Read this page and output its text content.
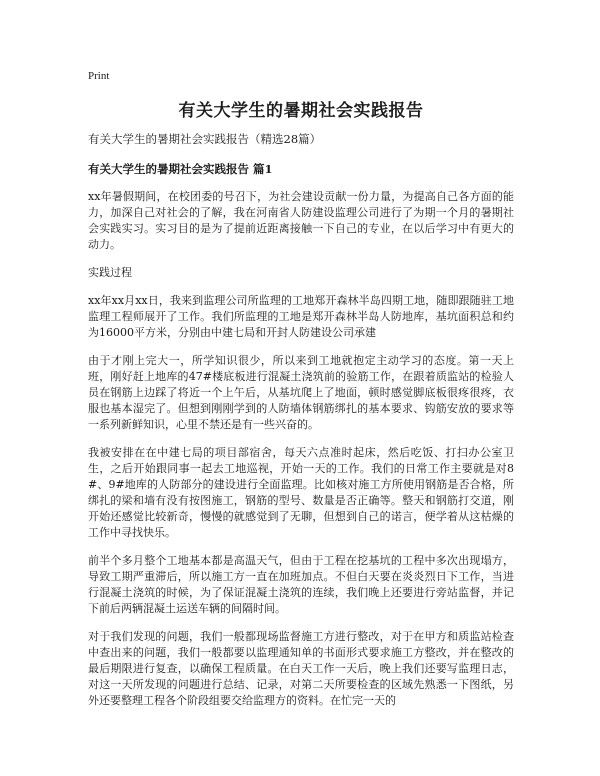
Print
有关大学生的暑期社会实践报告

有关大学生的暑期社会实践报告（精选28篇）

有关大学生的暑期社会实践报告 篇1

xx年暑假期间，在校团委的号召下，为社会建设贡献一份力量，为提高自己各方面的能力，加深自己对社会的了解，我在河南省人防建设监理公司进行了为期一个月的暑期社会实践实习。实习目的是为了提前近距离接触一下自己的专业，在以后学习中有更大的动力。

实践过程

xx年xx月xx日，我来到监理公司所监理的工地郑开森林半岛四期工地，随即跟随驻工地监理工程师展开了工作。我们所监理的工地是郑开森林半岛人防地库，基坑面积总和约为16000平方米，分别由中建七局和开封人防建设公司承建

由于才刚上完大一，所学知识很少，所以来到工地就抱定主动学习的态度。第一天上班，刚好赶上地库的47#楼底板进行混凝土浇筑前的验筋工作，在跟着质监站的检验人员在钢筋上边踩了将近一个上午后，从基坑爬上了地面，顿时感觉脚底板很疼很疼，衣服也基本湿完了。但想到刚刚学到的人防墙体钢筋绑扎的基本要求、钩筋安放的要求等一系列新鲜知识，心里不禁还是有一些兴奋的。

我被安排在在中建七局的项目部宿舍，每天六点准时起床，然后吃饭、打扫办公室卫生，之后开始跟同事一起去工地巡视，开始一天的工作。我们的日常工作主要就是对8#、9#地库的人防部分的建设进行全面监理。比如核对施工方所使用钢筋是否合格，所绑扎的梁和墙有没有按图施工，钢筋的型号、数量是否正确等。整天和钢筋打交道，刚开始还感觉比较新奇，慢慢的就感觉到了无聊，但想到自己的诺言，便学着从这枯燥的工作中寻找快乐。

前半个多月整个工地基本都是高温天气，但由于工程在挖基坑的工程中多次出现塌方，导致工期严重滞后，所以施工方一直在加班加点。不但白天要在炎炎烈日下工作，当进行混凝土浇筑的时候，为了保证混凝土浇筑的连续，我们晚上还要进行旁站监督，并记下前后两辆混凝土运送车辆的间隔时间。

对于我们发现的问题，我们一般都现场监督施工方进行整改，对于在甲方和质监站检查中查出来的问题，我们一般都要以监理通知单的书面形式要求施工方整改，并在整改的最后期限进行复查，以确保工程质量。在白天工作一天后，晚上我们还要写监理日志，对这一天所发现的问题进行总结、记录，对第二天所要检查的区域先熟悉一下图纸，另外还要整理工程各个阶段组要交给监理方的资料。在忙完一天的
